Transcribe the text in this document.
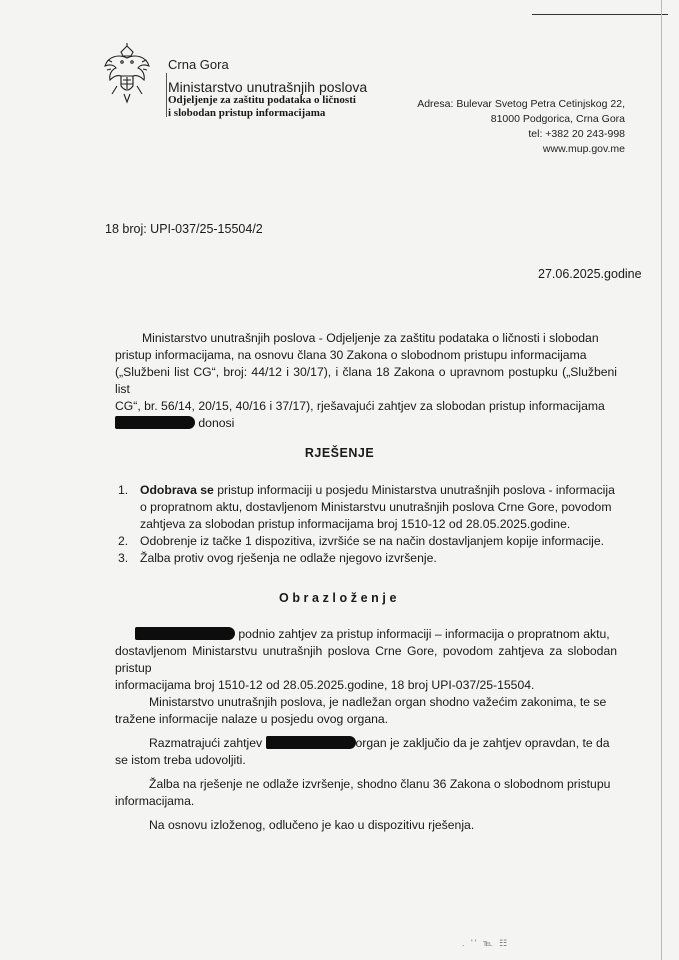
Crna Gora
Ministarstvo unutrašnjih poslova
Odjeljenje za zaštitu podataka o ličnosti
i slobodan pristup informacijama
Adresa: Bulevar Svetog Petra Cetinjskog 22,
81000 Podgorica, Crna Gora
tel: +382 20 243-998
www.mup.gov.me
18 broj: UPI-037/25-15504/2
27.06.2025.godine
Ministarstvo unutrašnjih poslova - Odjeljenje za zaštitu podataka o ličnosti i slobodan
pristup informacijama, na osnovu člana 30 Zakona o slobodnom pristupu informacijama
(„Službeni list CG“, broj: 44/12 i 30/17), i člana 18 Zakona o upravnom postupku („Službeni list
CG“, br. 56/14, 20/15, 40/16 i 37/17), rješavajući zahtjev za slobodan pristup informacijama
donosi
RJEŠENJE
1. Odobrava se pristup informaciji u posjedu Ministarstva unutrašnjih poslova - informacija
o propratnom aktu, dostavljenom Ministarstvu unutrašnjih poslova Crne Gore, povodom
zahtjeva za slobodan pristup informacijama broj 1510-12 od 28.05.2025.godine.
2. Odobrenje iz tačke 1 dispozitiva, izvršiće se na način dostavljanjem kopije informacije.
3. Žalba protiv ovog rješenja ne odlaže njegovo izvršenje.
Obrazloženje
podnio zahtjev za pristup informaciji – informacija o propratnom aktu,
dostavljenom Ministarstvu unutrašnjih poslova Crne Gore, povodom zahtjeva za slobodan pristup
informacijama broj 1510-12 od 28.05.2025.godine, 18 broj UPI-037/25-15504.
Ministarstvo unutrašnjih poslova, je nadležan organ shodno važećim zakonima, te se
tražene informacije nalaze u posjedu ovog organa.
Razmatrajući zahtjev	organ je zaključio da je zahtjev opravdan, te da
se istom treba udovoljiti.
Žalba na rješenje ne odlaže izvršenje, shodno članu 36 Zakona o slobodnom pristupu
informacijama.
Na osnovu izloženog, odlučeno je kao u dispozitivu rješenja.
. '' ℡ ☷
